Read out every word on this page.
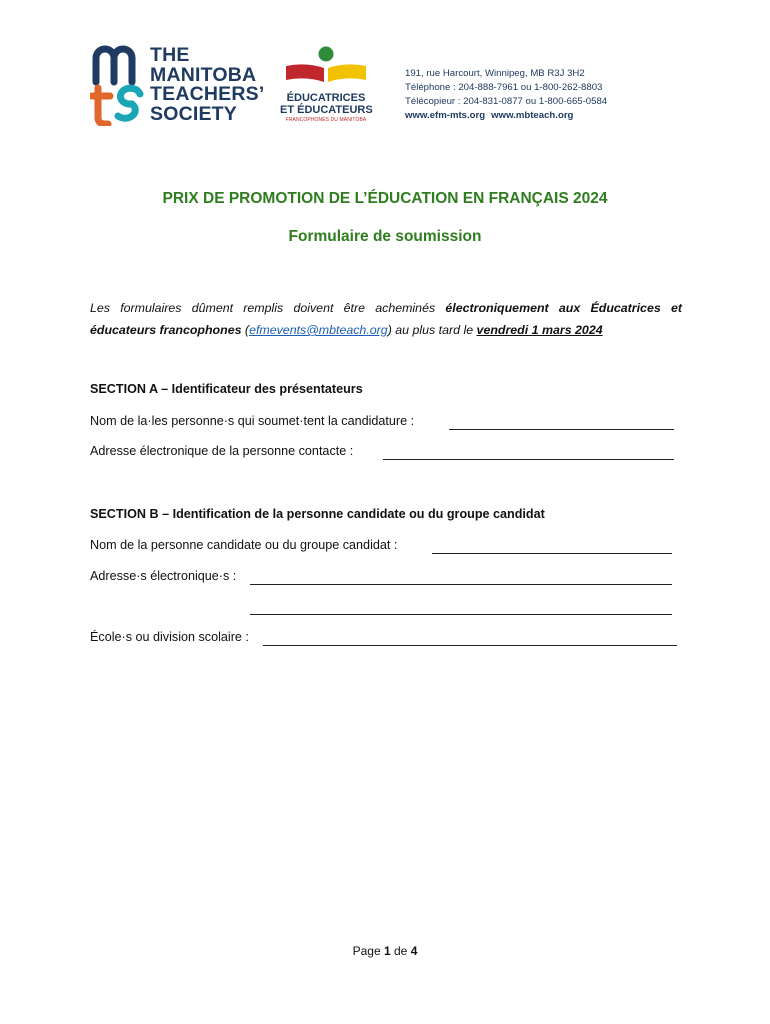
THE
MANITOBA
TEACHERS’
SOCIETY
ÉDUCATRICES
ET ÉDUCATEURS
FRANCOPHONES DU MANITOBA
191, rue Harcourt, Winnipeg, MB R3J 3H2
Téléphone : 204-888-7961 ou 1-800-262-8803
Télécopieur : 204-831-0877 ou 1-800-665-0584
www.efm-mts.org www.mbteach.org
PRIX DE PROMOTION DE L’ÉDUCATION EN FRANÇAIS 2024
Formulaire de soumission
Les formulaires dûment remplis doivent être acheminés électroniquement aux Éducatrices et éducateurs francophones (efmevents@mbteach.org) au plus tard le vendredi 1 mars 2024
SECTION A – Identificateur des présentateurs
Nom de la·les personne·s qui soumet·tent la candidature :
Adresse électronique de la personne contacte :
SECTION B – Identification de la personne candidate ou du groupe candidat
Nom de la personne candidate ou du groupe candidat :
Adresse·s électronique·s :
École·s ou division scolaire :
Page 1 de 4
